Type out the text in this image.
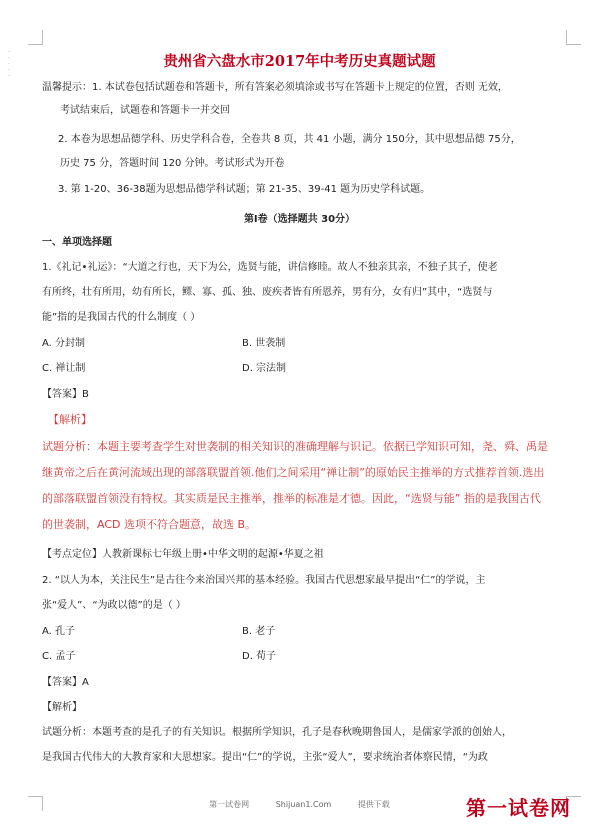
·
·
·
·
·
贵州省六盘水市2017年中考历史真题试题
温馨提示：1. 本试卷包括试题卷和答题卡，所有答案必须填涂或书写在答题卡上规定的位置，否则 无效，
考试结束后，试题卷和答题卡一并交回
2. 本卷为思想品德学科、历史学科合卷，全卷共 8 页，共 41 小题，满分 150分，其中思想品德 75分，
历史 75 分，答题时间 120 分钟。考试形式为开卷
3. 第 1-20、36-38题为思想品德学科试题；第 21-35、39-41 题为历史学科试题。
第Ⅰ卷（选择题共 30分）
一、单项选择题
1.《礼记•礼运》：“大道之行也，天下为公，选贤与能，讲信修睦。故人不独亲其亲，不独子其子，使老
有所终，壮有所用，幼有所长，鳏、寡、孤、独、废疾者皆有所恩养，男有分，女有归”其中，“选贤与
能”指的是我国古代的什么制度（ ）
A. 分封制	B. 世袭制
C. 禅让制	D. 宗法制
【答案】B
【解析】
试题分析：本题主要考查学生对世袭制的相关知识的准确理解与识记。依据已学知识可知，尧、舜、禹是
继黄帝之后在黄河流域出现的部落联盟首领.他们之间采用“禅让制”的原始民主推举的方式推荐首领.选出
的部落联盟首领没有特权。其实质是民主推举，推举的标准是才德。因此，“选贤与能” 指的是我国古代
的世袭制，ACD 选项不符合题意，故选 B。
【考点定位】人教新课标七年级上册•中华文明的起源•华夏之祖
2. “以人为本，关注民生”是古往今来治国兴邦的基本经验。我国古代思想家最早提出“仁”的学说，主
张“爱人”、“为政以德”的是（ ）
A. 孔子	B. 老子
C. 孟子	D. 荀子
【答案】A
【解析】
试题分析：本题考查的是孔子的有关知识。根据所学知识，孔子是春秋晚期鲁国人，是儒家学派的创始人，
是我国古代伟大的大教育家和大思想家。提出“仁”的学说，主张“爱人”，要求统治者体察民情，“为政
第一试卷网	Shijuan1.Com	提供下载	第一试卷网
